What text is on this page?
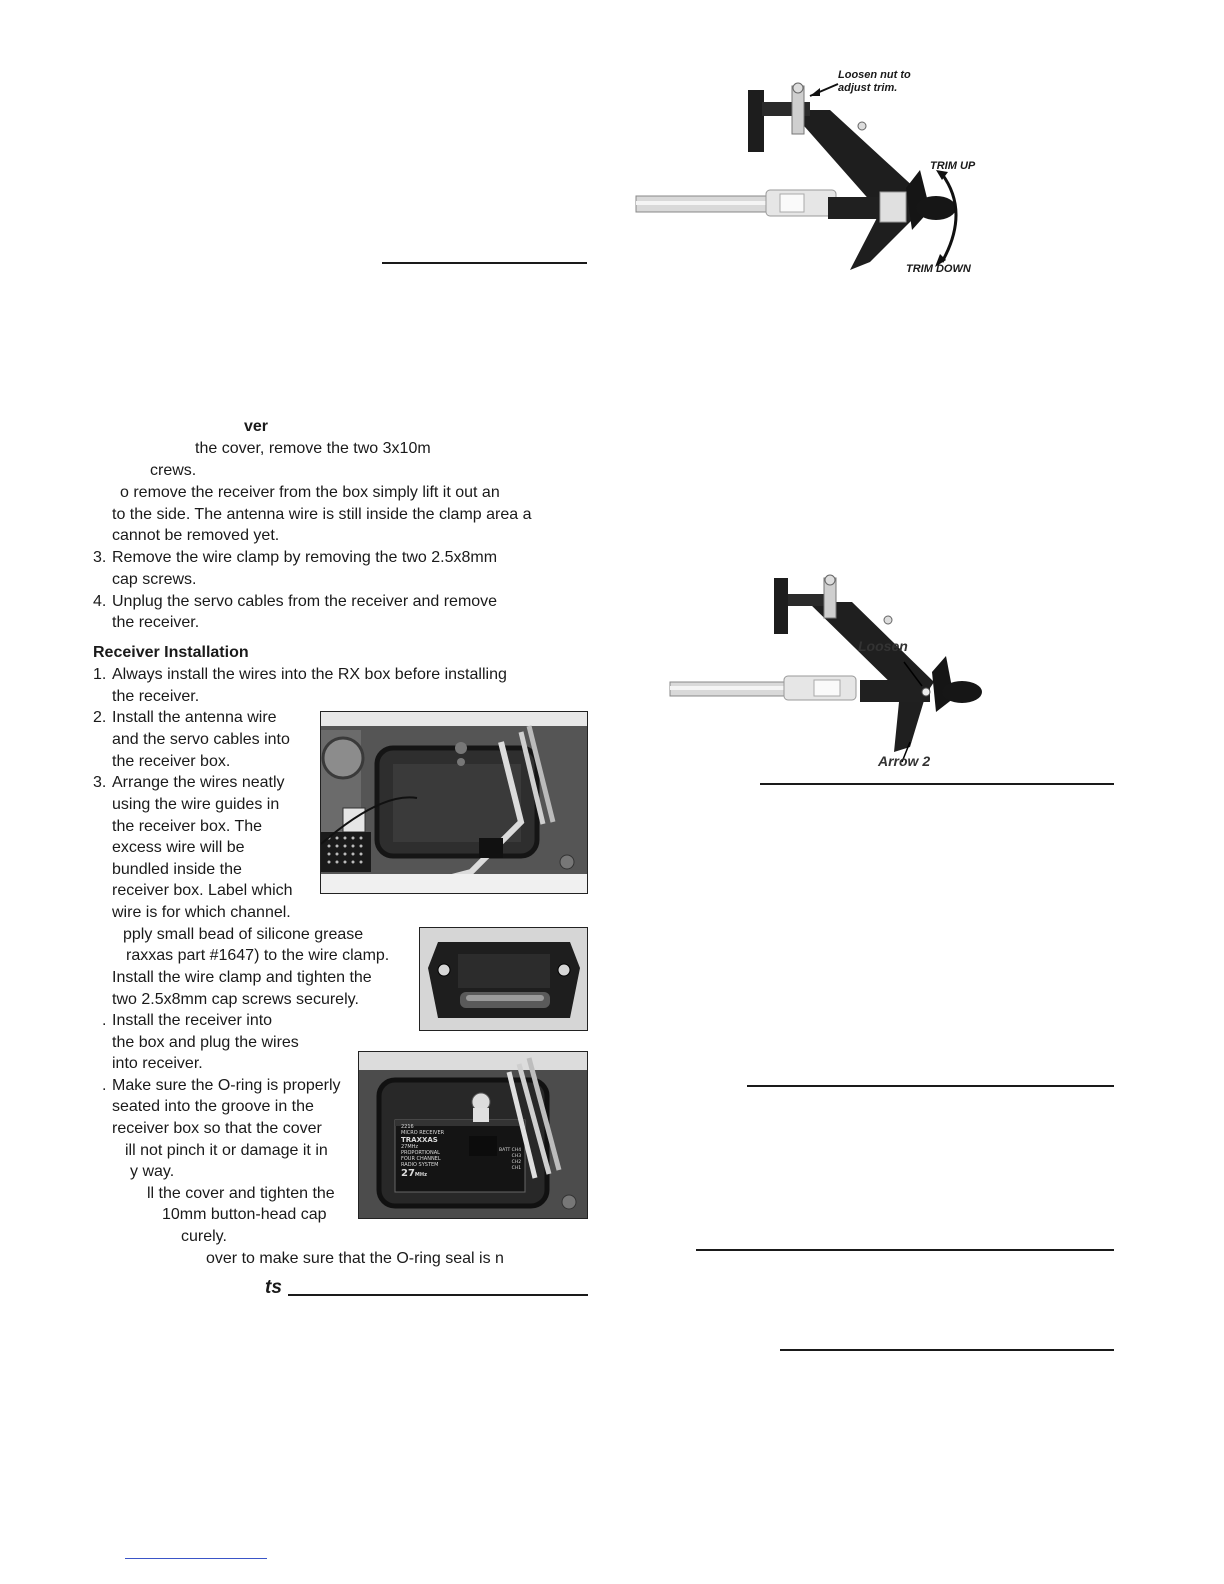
Loosen nut to
adjust trim.
TRIM UP
TRIM DOWN
Loosen
Arrow 2
ver
the cover, remove the two 3x10m
crews.
o remove the receiver from the box simply lift it out an
to the side. The antenna wire is still inside the clamp area a
cannot be removed yet.
3. Remove the wire clamp by removing the two 2.5x8mm
cap screws.
4. Unplug the servo cables from the receiver and remove
the receiver.
Receiver Installation
1. Always install the wires into the RX box before installing
the receiver.
2. Install the antenna wire
and the servo cables into
the receiver box.
3. Arrange the wires neatly
using the wire guides in
the receiver box. The
excess wire will be
bundled inside the
receiver box. Label which
wire is for which channel.
pply small bead of silicone grease
raxxas part #1647) to the wire clamp.
Install the wire clamp and tighten the
two 2.5x8mm cap screws securely.
. Install the receiver into
the box and plug the wires
into receiver.
. Make sure the O-ring is properly
seated into the groove in the
receiver box so that the cover
ill not pinch it or damage it in
y way.
ll the cover and tighten the
10mm button-head cap
curely.
over to make sure that the O-ring seal is n
ts
2216
MICRO RECEIVER
TRAXXAS
27MHz
PROPORTIONAL
FOUR CHANNEL
RADIO SYSTEM
27MHz
BATT CH4
CH3
CH2
CH1
